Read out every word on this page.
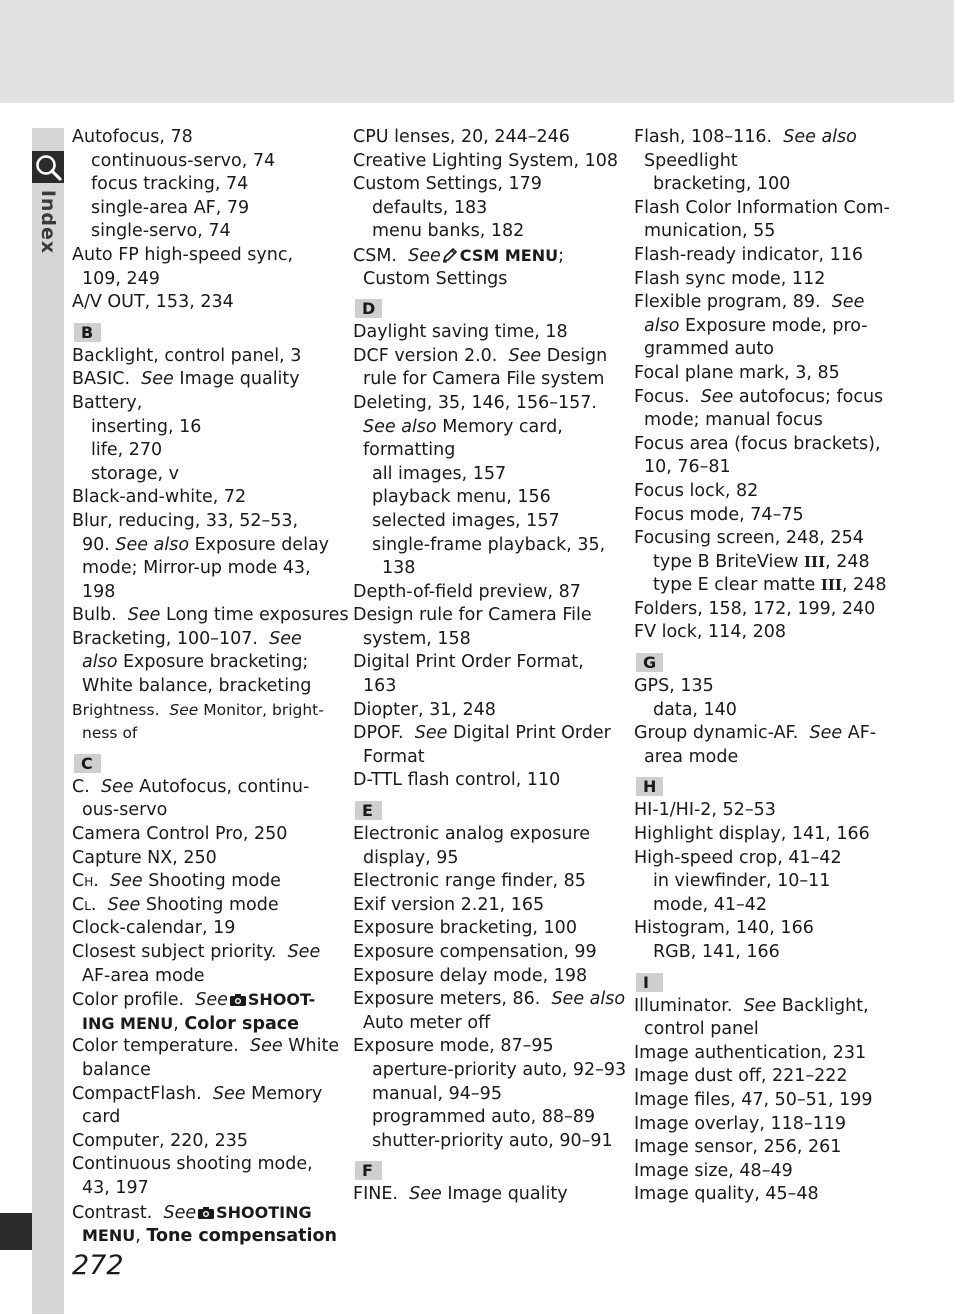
Index
Autofocus, 78
continuous-servo, 74
focus tracking, 74
single-area AF, 79
single-servo, 74
Auto FP high-speed sync,
109, 249
A/V OUT, 153, 234
B
Backlight, control panel, 3
BASIC. See Image quality
Battery,
inserting, 16
life, 270
storage, v
Black-and-white, 72
Blur, reducing, 33, 52–53,
90. See also Exposure delay
mode; Mirror-up mode 43,
198
Bulb. See Long time exposures
Bracketing, 100–107. See
also Exposure bracketing;
White balance, bracketing
Brightness. See Monitor, bright-
ness of
C
C. See Autofocus, continu-
ous-servo
Camera Control Pro, 250
Capture NX, 250
CH.  See Shooting mode
CL.  See Shooting mode
Clock-calendar, 19
Closest subject priority. See
AF-area mode
Color profile. See SHOOT-
ING MENU, Color space
Color temperature. See White
balance
CompactFlash. See Memory
card
Computer, 220, 235
Continuous shooting mode,
43, 197
Contrast. See SHOOTING
MENU, Tone compensation
CPU lenses, 20, 244–246
Creative Lighting System, 108
Custom Settings, 179
defaults, 183
menu banks, 182
CSM. See CSM MENU;
Custom Settings
D
Daylight saving time, 18
DCF version 2.0. See Design
rule for Camera File system
Deleting, 35, 146, 156–157.
See also Memory card,
formatting
all images, 157
playback menu, 156
selected images, 157
single-frame playback, 35,
138
Depth-of-field preview, 87
Design rule for Camera File
system, 158
Digital Print Order Format,
163
Diopter, 31, 248
DPOF. See Digital Print Order
Format
D-TTL flash control, 110
E
Electronic analog exposure
display, 95
Electronic range finder, 85
Exif version 2.21, 165
Exposure bracketing, 100
Exposure compensation, 99
Exposure delay mode, 198
Exposure meters, 86. See also
Auto meter off
Exposure mode, 87–95
aperture-priority auto, 92–93
manual, 94–95
programmed auto, 88–89
shutter-priority auto, 90–91
F
FINE. See Image quality
Flash, 108–116. See also
Speedlight
bracketing, 100
Flash Color Information Com-
munication, 55
Flash-ready indicator, 116
Flash sync mode, 112
Flexible program, 89. See
also Exposure mode, pro-
grammed auto
Focal plane mark, 3, 85
Focus. See autofocus; focus
mode; manual focus
Focus area (focus brackets),
10, 76–81
Focus lock, 82
Focus mode, 74–75
Focusing screen, 248, 254
type B BriteView III, 248
type E clear matte III, 248
Folders, 158, 172, 199, 240
FV lock, 114, 208
G
GPS, 135
data, 140
Group dynamic-AF. See AF-
area mode
H
HI-1/HI-2, 52–53
Highlight display, 141, 166
High-speed crop, 41–42
in viewfinder, 10–11
mode, 41–42
Histogram, 140, 166
RGB, 141, 166
I
Illuminator. See Backlight,
control panel
Image authentication, 231
Image dust off, 221–222
Image files, 47, 50–51, 199
Image overlay, 118–119
Image sensor, 256, 261
Image size, 48–49
Image quality, 45–48
272
